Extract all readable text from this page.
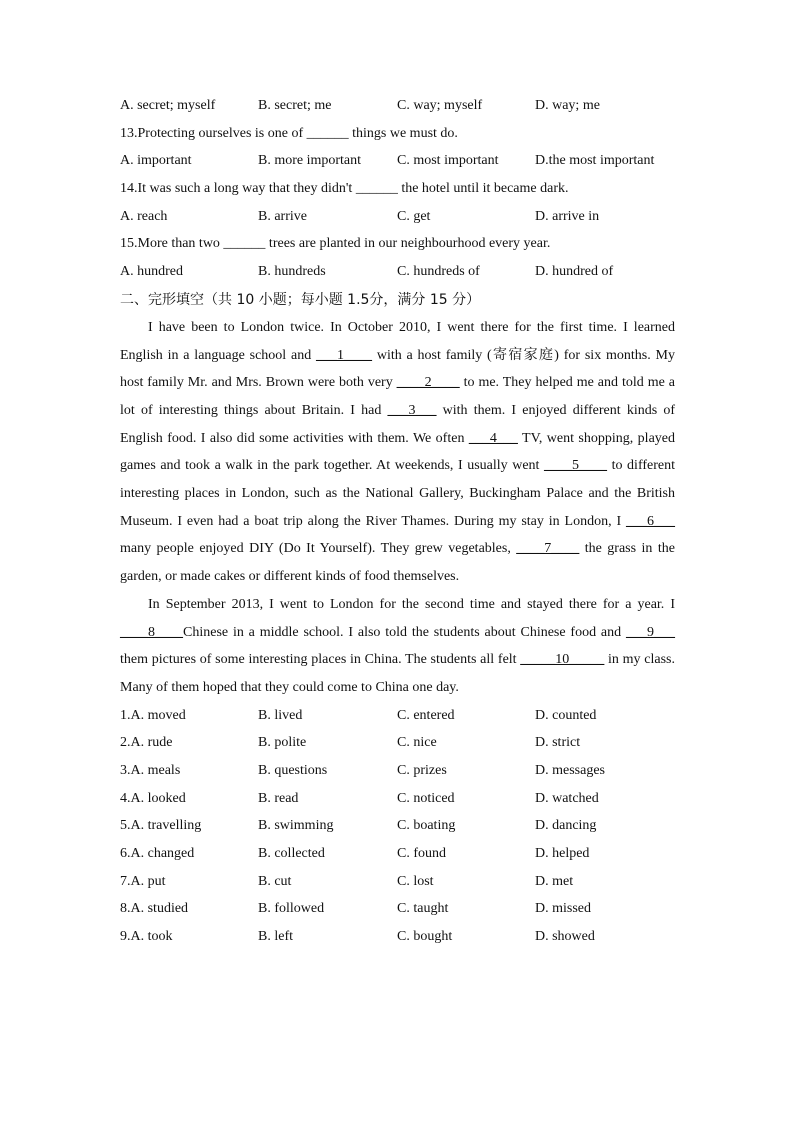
A. secret; myself	B. secret; me	C. way; myself	D. way; me
13.Protecting ourselves is one of ______ things we must do.
A. important	B. more important	C. most important	D.the most important
14.It was such a long way that they didn't ______ the hotel until it became dark.
A. reach	B. arrive	C. get	D. arrive in
15.More than two ______ trees are planted in our neighbourhood every year.
A. hundred	B. hundreds	C. hundreds of	D. hundred of
二、完形填空（共 10 小题；每小题 1.5分，满分 15 分）
I have been to London twice. In October 2010, I went there for the first time. I learned English in a language school and ___1____ with a host family (寄宿家庭) for six months. My host family Mr. and Mrs. Brown were both very ____2____ to me. They helped me and told me a lot of interesting things about Britain. I had ___3___ with them. I enjoyed different kinds of English food. I also did some activities with them. We often ___4___ TV, went shopping, played games and took a walk in the park together. At weekends, I usually went ____5____ to different interesting places in London, such as the National Gallery, Buckingham Palace and the British Museum. I even had a boat trip along the River Thames. During my stay in London, I ___6___ many people enjoyed DIY (Do It Yourself). They grew vegetables, ____7____ the grass in the garden, or made cakes or different kinds of food themselves.
In September 2013, I went to London for the second time and stayed there for a year. I ____8____Chinese in a middle school. I also told the students about Chinese food and ___9___ them pictures of some interesting places in China. The students all felt _____10_____ in my class. Many of them hoped that they could come to China one day.
1.A. moved	B. lived	C. entered	D. counted
2.A. rude	B. polite	C. nice	D. strict
3.A. meals	B. questions	C. prizes	D. messages
4.A. looked	B. read	C. noticed	D. watched
5.A. travelling	B. swimming	C. boating	D. dancing
6.A. changed	B. collected	C. found	D. helped
7.A. put	B. cut	C. lost	D. met
8.A. studied	B. followed	C. taught	D. missed
9.A. took	B. left	C. bought	D. showed
